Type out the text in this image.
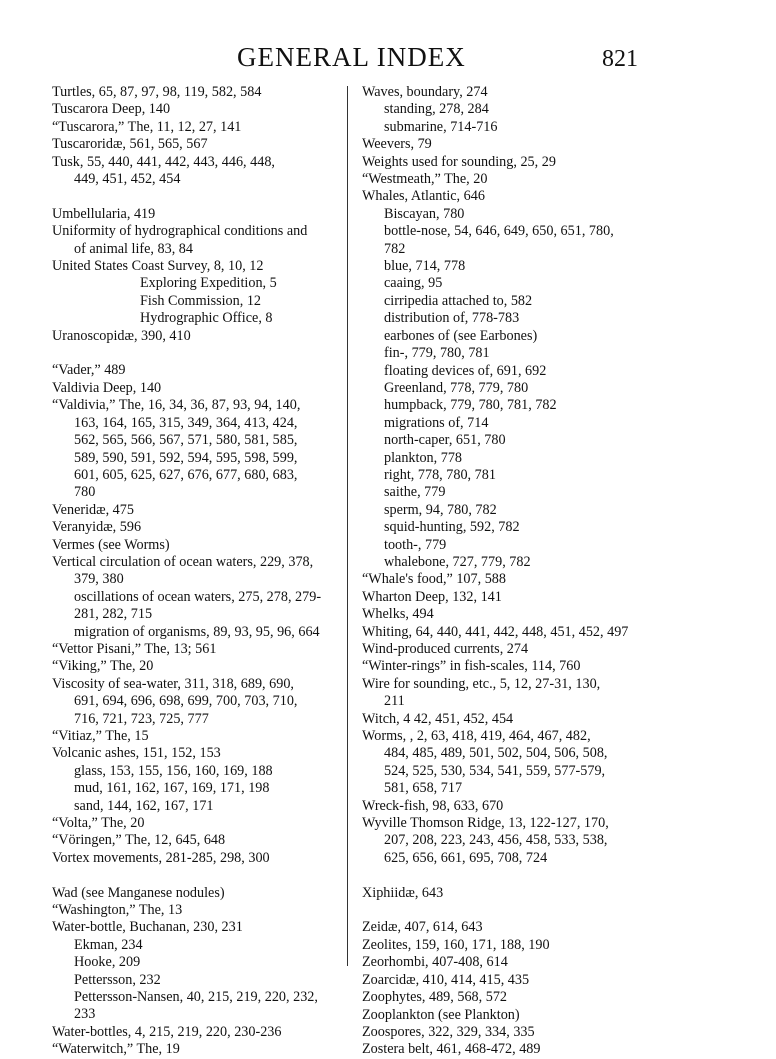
GENERAL INDEX	821
Turtles, 65, 87, 97, 98, 119, 582, 584
Tuscarora Deep, 140
“Tuscarora,” The, 11, 12, 27, 141
Tuscaroridæ, 561, 565, 567
Tusk, 55, 440, 441, 442, 443, 446, 448,
449, 451, 452, 454
Umbellularia, 419
Uniformity of hydrographical conditions and
of animal life, 83, 84
United States Coast Survey, 8, 10, 12
Exploring Expedition, 5
Fish Commission, 12
Hydrographic Office, 8
Uranoscopidæ, 390, 410
“Vader,” 489
Valdivia Deep, 140
“Valdivia,” The, 16, 34, 36, 87, 93, 94, 140,
163, 164, 165, 315, 349, 364, 413, 424,
562, 565, 566, 567, 571, 580, 581, 585,
589, 590, 591, 592, 594, 595, 598, 599,
601, 605, 625, 627, 676, 677, 680, 683,
780
Veneridæ, 475
Veranyidæ, 596
Vermes (see Worms)
Vertical circulation of ocean waters, 229, 378,
379, 380
oscillations of ocean waters, 275, 278, 279-
281, 282, 715
migration of organisms, 89, 93, 95, 96, 664
“Vettor Pisani,” The, 13; 561
“Viking,” The, 20
Viscosity of sea-water, 311, 318, 689, 690,
691, 694, 696, 698, 699, 700, 703, 710,
716, 721, 723, 725, 777
“Vitiaz,” The, 15
Volcanic ashes, 151, 152, 153
glass, 153, 155, 156, 160, 169, 188
mud, 161, 162, 167, 169, 171, 198
sand, 144, 162, 167, 171
“Volta,” The, 20
“Vöringen,” The, 12, 645, 648
Vortex movements, 281-285, 298, 300
Wad (see Manganese nodules)
“Washington,” The, 13
Water-bottle, Buchanan, 230, 231
Ekman, 234
Hooke, 209
Pettersson, 232
Pettersson-Nansen, 40, 215, 219, 220, 232,
233
Water-bottles, 4, 215, 219, 220, 230-236
“Waterwitch,” The, 19
Waves, boundary, 274
standing, 278, 284
submarine, 714-716
Weevers, 79
Weights used for sounding, 25, 29
“Westmeath,” The, 20
Whales, Atlantic, 646
Biscayan, 780
bottle-nose, 54, 646, 649, 650, 651, 780,
782
blue, 714, 778
caaing, 95
cirripedia attached to, 582
distribution of, 778-783
earbones of (see Earbones)
fin-, 779, 780, 781
floating devices of, 691, 692
Greenland, 778, 779, 780
humpback, 779, 780, 781, 782
migrations of, 714
north-caper, 651, 780
plankton, 778
right, 778, 780, 781
saithe, 779
sperm, 94, 780, 782
squid-hunting, 592, 782
tooth-, 779
whalebone, 727, 779, 782
“Whale's food,” 107, 588
Wharton Deep, 132, 141
Whelks, 494
Whiting, 64, 440, 441, 442, 448, 451, 452, 497
Wind-produced currents, 274
“Winter-rings” in fish-scales, 114, 760
Wire for sounding, etc., 5, 12, 27-31, 130,
211
Witch, 4 42, 451, 452, 454
Worms, , 2, 63, 418, 419, 464, 467, 482,
484, 485, 489, 501, 502, 504, 506, 508,
524, 525, 530, 534, 541, 559, 577-579,
581, 658, 717
Wreck-fish, 98, 633, 670
Wyville Thomson Ridge, 13, 122-127, 170,
207, 208, 223, 243, 456, 458, 533, 538,
625, 656, 661, 695, 708, 724
Xiphiidæ, 643
Zeidæ, 407, 614, 643
Zeolites, 159, 160, 171, 188, 190
Zeorhombi, 407-408, 614
Zoarcidæ, 410, 414, 415, 435
Zoophytes, 489, 568, 572
Zooplankton (see Plankton)
Zoospores, 322, 329, 334, 335
Zostera belt, 461, 468-472, 489
